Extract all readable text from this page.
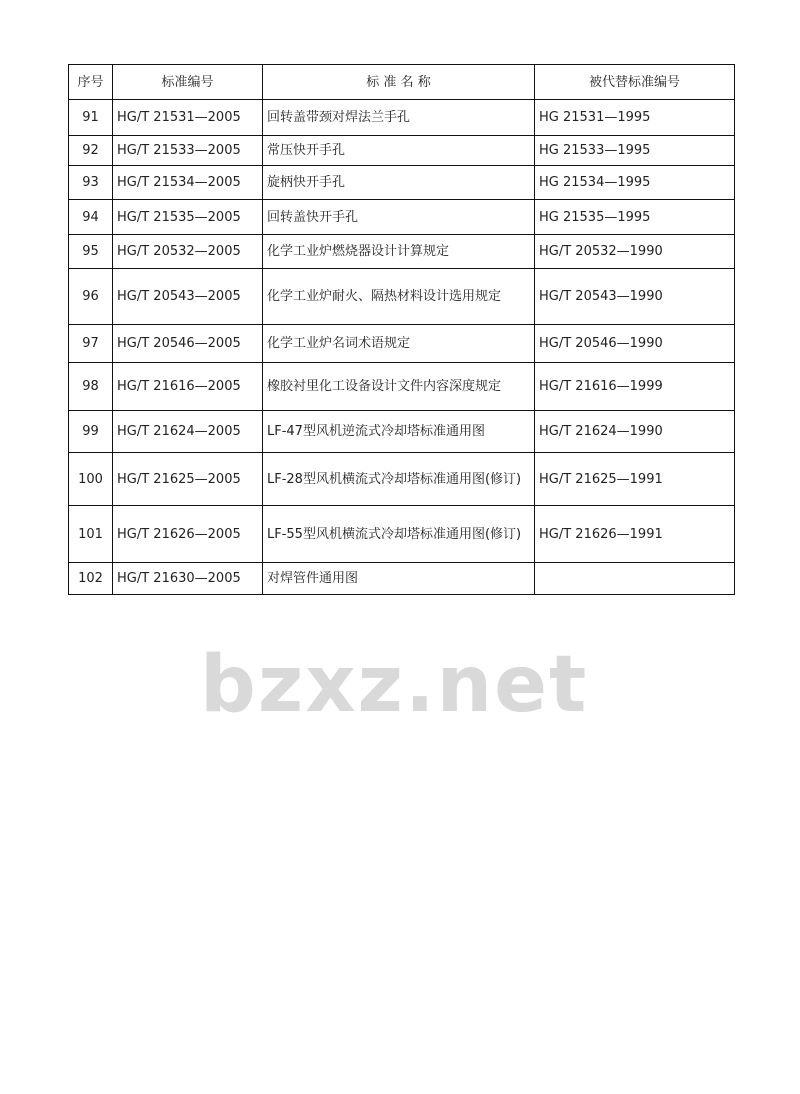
bzxz.net
序号	标准编号	标 准 名 称	被代替标准编号
91	HG/T 21531—2005	回转盖带颈对焊法兰手孔	HG 21531—1995
92	HG/T 21533—2005	常压快开手孔	HG 21533—1995
93	HG/T 21534—2005	旋柄快开手孔	HG 21534—1995
94	HG/T 21535—2005	回转盖快开手孔	HG 21535—1995
95	HG/T 20532—2005	化学工业炉燃烧器设计计算规定	HG/T 20532—1990
96	HG/T 20543—2005	化学工业炉耐火、隔热材料设计选用规定	HG/T 20543—1990
97	HG/T 20546—2005	化学工业炉名词术语规定	HG/T 20546—1990
98	HG/T 21616—2005	橡胶衬里化工设备设计文件内容深度规定	HG/T 21616—1999
99	HG/T 21624—2005	LF-47型风机逆流式冷却塔标准通用图	HG/T 21624—1990
100	HG/T 21625—2005	LF-28型风机横流式冷却塔标准通用图(修订)	HG/T 21625—1991
101	HG/T 21626—2005	LF-55型风机横流式冷却塔标准通用图(修订)	HG/T 21626—1991
102	HG/T 21630—2005	对焊管件通用图	
